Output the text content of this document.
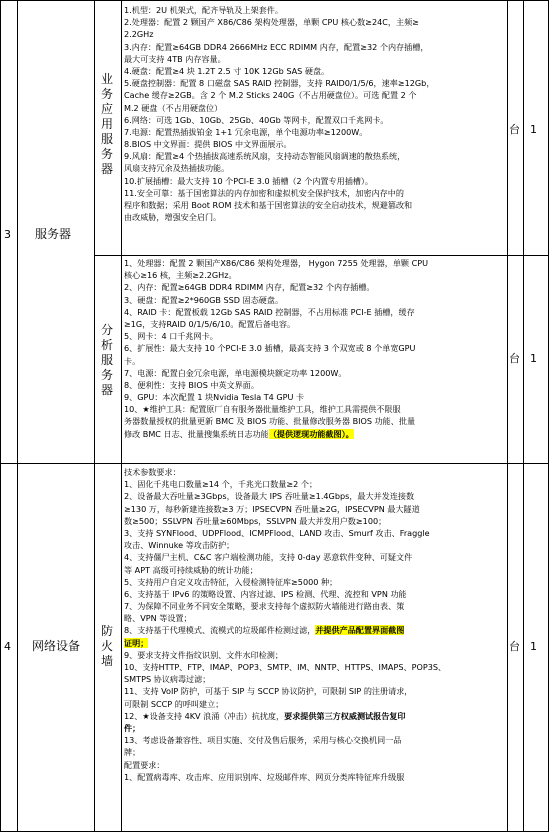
3 服务器
业务应用服务器
台 1
1.机型：2U 机架式，配齐导轨及上架套件。
2.处理器：配置 2 颗国产 X86/C86 架构处理器，单颗 CPU 核心数≥24C，主频≥
2.2GHz
3.内存：配置≥64GB DDR4 2666MHz ECC RDIMM 内存，配置≥32 个内存插槽，
最大可支持 4TB 内存容量。
4.硬盘：配置≥4 块 1.2T 2.5 寸 10K 12Gb SAS 硬盘。
5.硬盘控制器：配置 8 口磁盘 SAS RAID 控制器，支持 RAID0/1/5/6，速率≥12Gb，
Cache 缓存≥2GB。含 2 个 M.2 Sticks 240G（不占用硬盘位）。可选 配置 2 个
M.2 硬盘（不占用硬盘位）
6.网络：可选 1Gb、10Gb、25Gb、40Gb 等网卡，配置双口千兆网卡。
7.电源：配置热插拔铂金 1+1 冗余电源，单个电源功率≥1200W。
8.BIOS 中文界面：提供 BIOS 中文界面展示。
9.风扇：配置≥4 个热插拔高速系统风扇，支持动态智能风扇调速的散热系统，
风扇支持冗余及热插拔功能。
10.扩展插槽：最大支持 10 个PCI-E 3.0 插槽（2 个内置专用插槽）。
11.安全可靠：基于国密算法的内存加密和虚拟机安全保护技术，加密内存中的
程序和数据；采用 Boot ROM 技术和基于国密算法的安全启动技术，规避篡改和
由改威胁，增强安全启门。
分析服务器
台 1
1、处理器：配置 2 颗国产X86/C86 架构处理器， Hygon 7255 处理器，单颗 CPU
核心≥16 核，主频≥2.2GHz。
2、内存：配置≥64GB DDR4 RDIMM 内存，配置≥32 个内存插槽。
3、硬盘：配置≥2*960GB SSD 固态硬盘。
4、RAID 卡：配置板载 12Gb SAS RAID 控制器，不占用标准 PCI-E 插槽，缓存
≥1G，支持RAID 0/1/5/6/10。配置后备电容。
5、网卡：4 口千兆网卡。
6、扩展性：最大支持 10 个PCI-E 3.0 插槽，最高支持 3 个双宽或 8 个单宽GPU
卡。
7、电源：配置白金冗余电源，单电源模块额定功率 1200W。
8、便利性：支持 BIOS 中英文界面。
9、GPU：本次配置 1 块Nvidia Tesla T4 GPU 卡
10、★维护工具：配置原厂自有服务器批量维护工具，维护工具需提供不限服
务器数量授权的批量更新 BMC 及 BIOS 功能、批量修改服务器 BIOS 功能、批量
修改 BMC 日志、批量搜集系统日志功能（提供逻现功能截图）。
4 网络设备
防火墙
台 1
技术参数要求：
1、固化千兆电口数量≥14 个，千兆光口数量≥2 个；
2、设备最大吞吐量≥3Gbps，设备最大 IPS 吞吐量≥1.4Gbps，最大并发连接数
≥130 万，每秒新建连接数≥3 万；IPSECVPN 吞吐量≥2G，IPSECVPN 最大隧道
数≥500；SSLVPN 吞吐量≥60Mbps，SSLVPN 最大并发用户数≥100；
3、支持 SYNFlood、UDPFlood、ICMPFlood、LAND 攻击、Smurf 攻击、Fraggle
攻击、Winnuke 等攻击防护；
4、支持僵尸主机、C&C 客户端检测功能，支持 0-day 恶意软件变种、可疑文件
等 APT 高级可持续威胁的统计功能；
5、支持用户自定义攻击特征，入侵检测特征库≥5000 种；
6、支持基于 IPv6 的策略设置、内容过滤、IPS 检测、代理、流控和 VPN 功能
7、为保障不同业务不同安全策略，要求支持每个虚拟防火墙能进行路由表、策
略、VPN 等设置；
8、支持基于代理模式、流模式的垃圾邮件检测过滤，并提供产品配置界面截图
证明；
9、要求支持文件指纹识别、文件水印检测；
10、支持HTTP、FTP、IMAP、POP3、SMTP、IM、NNTP、HTTPS、IMAPS、POP3S、
SMTPS 协议病毒过滤；
11、支持 VoIP 防护，可基于 SIP 与 SCCP 协议防护，可限制 SIP 的注册请求，
可限制 SCCP 的呼叫建立；
12、★设备支持 4KV 浪涌（冲击）抗扰度，要求提供第三方权威测试报告复印
件；
13、考虑设备兼容性、项目实施、交付及售后服务，采用与核心交换机同一品
牌；
配置要求：
1、配置病毒库、攻击库、应用识别库、垃圾邮件库、网页分类库特征库升级服
